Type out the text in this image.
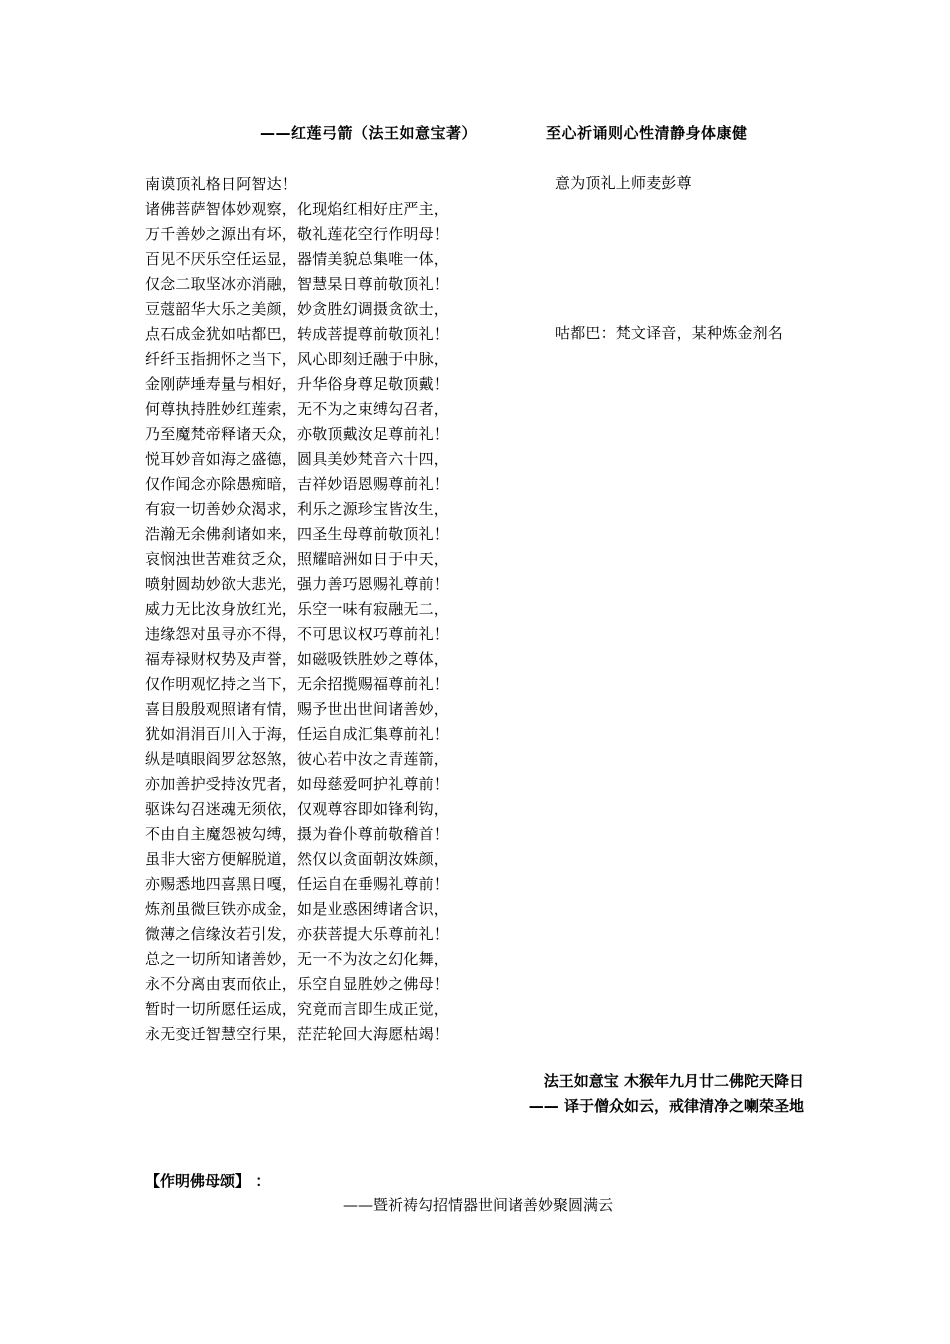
——红莲弓箭（法王如意宝著）	至心祈诵则心性清静身体康健
南谟顶礼格日阿智达！
诸佛菩萨智体妙观察，化现焰红相好庄严主，
万千善妙之源出有坏，敬礼莲花空行作明母！
百见不厌乐空任运显，器情美貌总集唯一体，
仅念二取坚冰亦消融，智慧杲日尊前敬顶礼！
豆蔻韶华大乐之美颜，妙贪胜幻调摄贪欲士，
点石成金犹如咕都巴，转成菩提尊前敬顶礼！
纤纤玉指拥怀之当下，风心即刻迁融于中脉，
金刚萨埵寿量与相好，升华俗身尊足敬顶戴！
何尊执持胜妙红莲索，无不为之束缚勾召者，
乃至魔梵帝释诸天众，亦敬顶戴汝足尊前礼！
悦耳妙音如海之盛德，圆具美妙梵音六十四，
仅作闻念亦除愚痴暗，吉祥妙语恩赐尊前礼！
有寂一切善妙众渴求，利乐之源珍宝皆汝生，
浩瀚无余佛刹诸如来，四圣生母尊前敬顶礼！
哀悯浊世苦难贫乏众，照耀暗洲如日于中天，
喷射圆劫妙欲大悲光，强力善巧恩赐礼尊前！
威力无比汝身放红光，乐空一味有寂融无二，
违缘怨对虽寻亦不得，不可思议权巧尊前礼！
福寿禄财权势及声誉，如磁吸铁胜妙之尊体，
仅作明观忆持之当下，无余招揽赐福尊前礼！
喜目殷殷观照诸有情，赐予世出世间诸善妙，
犹如涓涓百川入于海，任运自成汇集尊前礼！
纵是嗔眼阎罗忿怒煞，彼心若中汝之青莲箭，
亦加善护受持汝咒者，如母慈爱呵护礼尊前！
驱诛勾召迷魂无须依，仅观尊容即如锋利钩，
不由自主魔怨被勾缚，摄为眷仆尊前敬稽首！
虽非大密方便解脱道，然仅以贪面朝汝姝颜，
亦赐悉地四喜黑日嘎，任运自在垂赐礼尊前！
炼剂虽微巨铁亦成金，如是业惑困缚诸含识，
微薄之信缘汝若引发，亦获菩提大乐尊前礼！
总之一切所知诸善妙，无一不为汝之幻化舞，
永不分离由衷而依止，乐空自显胜妙之佛母！
暂时一切所愿任运成，究竟而言即生成正觉，
永无变迁智慧空行果，茫茫轮回大海愿枯竭！
意为顶礼上师麦彭尊
咕都巴：梵文译音，某种炼金剂名
法王如意宝 木猴年九月廿二佛陀天降日
—— 译于僧众如云，戒律清净之喇荣圣地
【作明佛母颂】 ：
——暨祈祷勾招情器世间诸善妙聚圆满云
